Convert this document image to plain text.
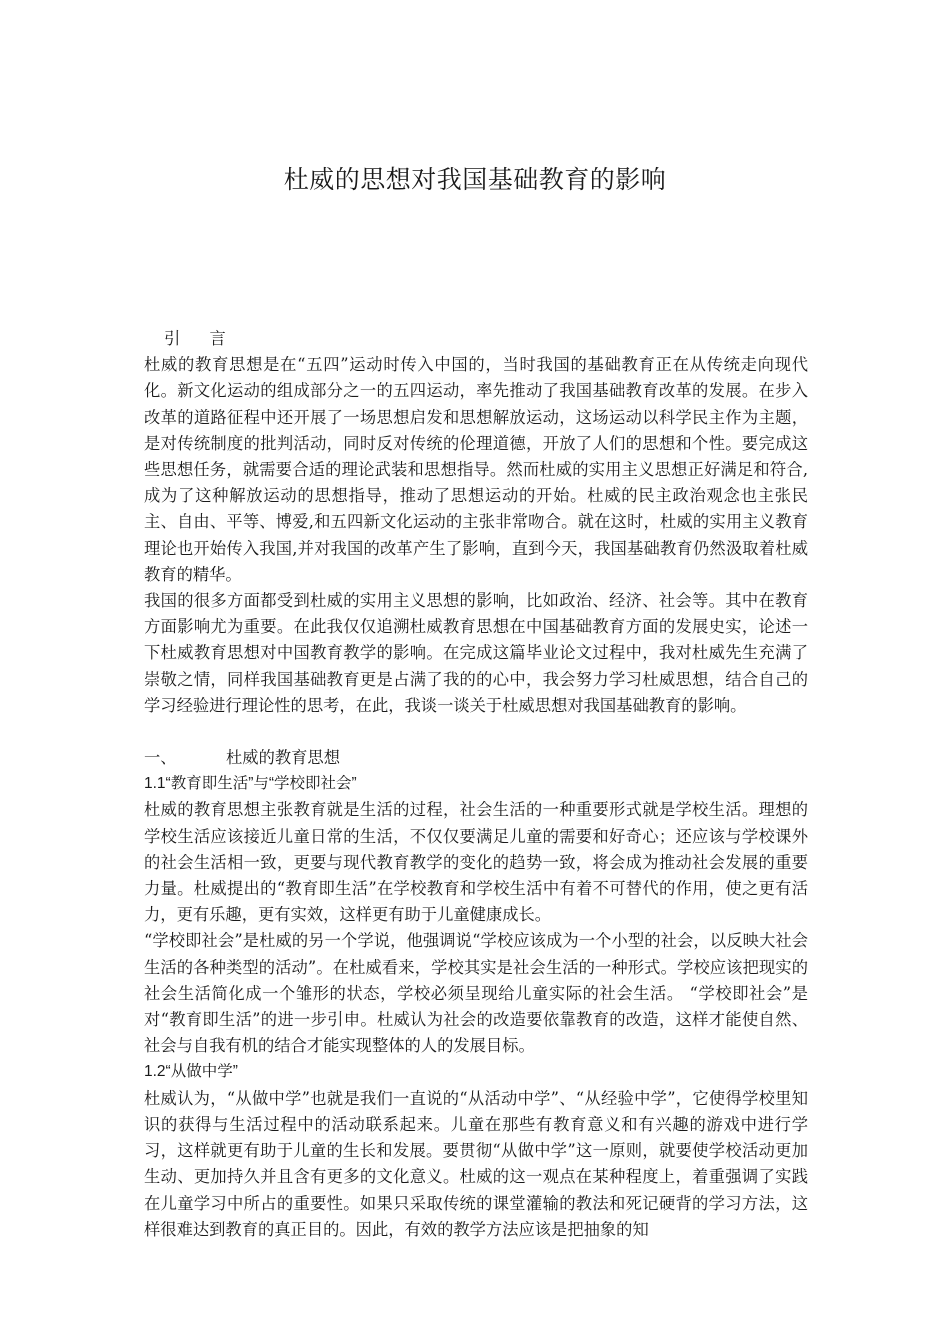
杜威的思想对我国基础教育的影响

引 言

杜威的教育思想是在“五四”运动时传入中国的，当时我国的基础教育正在从传统走向现代化。新文化运动的组成部分之一的五四运动，率先推动了我国基础教育改革的发展。在步入改革的道路征程中还开展了一场思想启发和思想解放运动，这场运动以科学民主作为主题，是对传统制度的批判活动，同时反对传统的伦理道德，开放了人们的思想和个性。要完成这些思想任务，就需要合适的理论武装和思想指导。然而杜威的实用主义思想正好满足和符合,成为了这种解放运动的思想指导，推动了思想运动的开始。杜威的民主政治观念也主张民主、自由、平等、博爱,和五四新文化运动的主张非常吻合。就在这时，杜威的实用主义教育理论也开始传入我国,并对我国的改革产生了影响，直到今天，我国基础教育仍然汲取着杜威教育的精华。

我国的很多方面都受到杜威的实用主义思想的影响，比如政治、经济、社会等。其中在教育方面影响尤为重要。在此我仅仅追溯杜威教育思想在中国基础教育方面的发展史实，论述一下杜威教育思想对中国教育教学的影响。在完成这篇毕业论文过程中，我对杜威先生充满了崇敬之情，同样我国基础教育更是占满了我的的心中，我会努力学习杜威思想，结合自己的学习经验进行理论性的思考，在此，我谈一谈关于杜威思想对我国基础教育的影响。

一、	杜威的教育思想

1.1“教育即生活”与“学校即社会”

杜威的教育思想主张教育就是生活的过程，社会生活的一种重要形式就是学校生活。理想的学校生活应该接近儿童日常的生活，不仅仅要满足儿童的需要和好奇心；还应该与学校课外的社会生活相一致，更要与现代教育教学的变化的趋势一致，将会成为推动社会发展的重要力量。杜威提出的“教育即生活”在学校教育和学校生活中有着不可替代的作用，使之更有活力，更有乐趣，更有实效，这样更有助于儿童健康成长。

“学校即社会”是杜威的另一个学说，他强调说“学校应该成为一个小型的社会，以反映大社会生活的各种类型的活动”。在杜威看来，学校其实是社会生活的一种形式。学校应该把现实的社会生活简化成一个雏形的状态，学校必须呈现给儿童实际的社会生活。 “学校即社会”是对“教育即生活”的进一步引申。杜威认为社会的改造要依靠教育的改造，这样才能使自然、社会与自我有机的结合才能实现整体的人的发展目标。

1.2“从做中学”

杜威认为，“从做中学”也就是我们一直说的“从活动中学”、“从经验中学”，它使得学校里知识的获得与生活过程中的活动联系起来。儿童在那些有教育意义和有兴趣的游戏中进行学习，这样就更有助于儿童的生长和发展。要贯彻“从做中学”这一原则，就要使学校活动更加生动、更加持久并且含有更多的文化意义。杜威的这一观点在某种程度上，着重强调了实践在儿童学习中所占的重要性。如果只采取传统的课堂灌输的教法和死记硬背的学习方法，这样很难达到教育的真正目的。因此，有效的教学方法应该是把抽象的知
